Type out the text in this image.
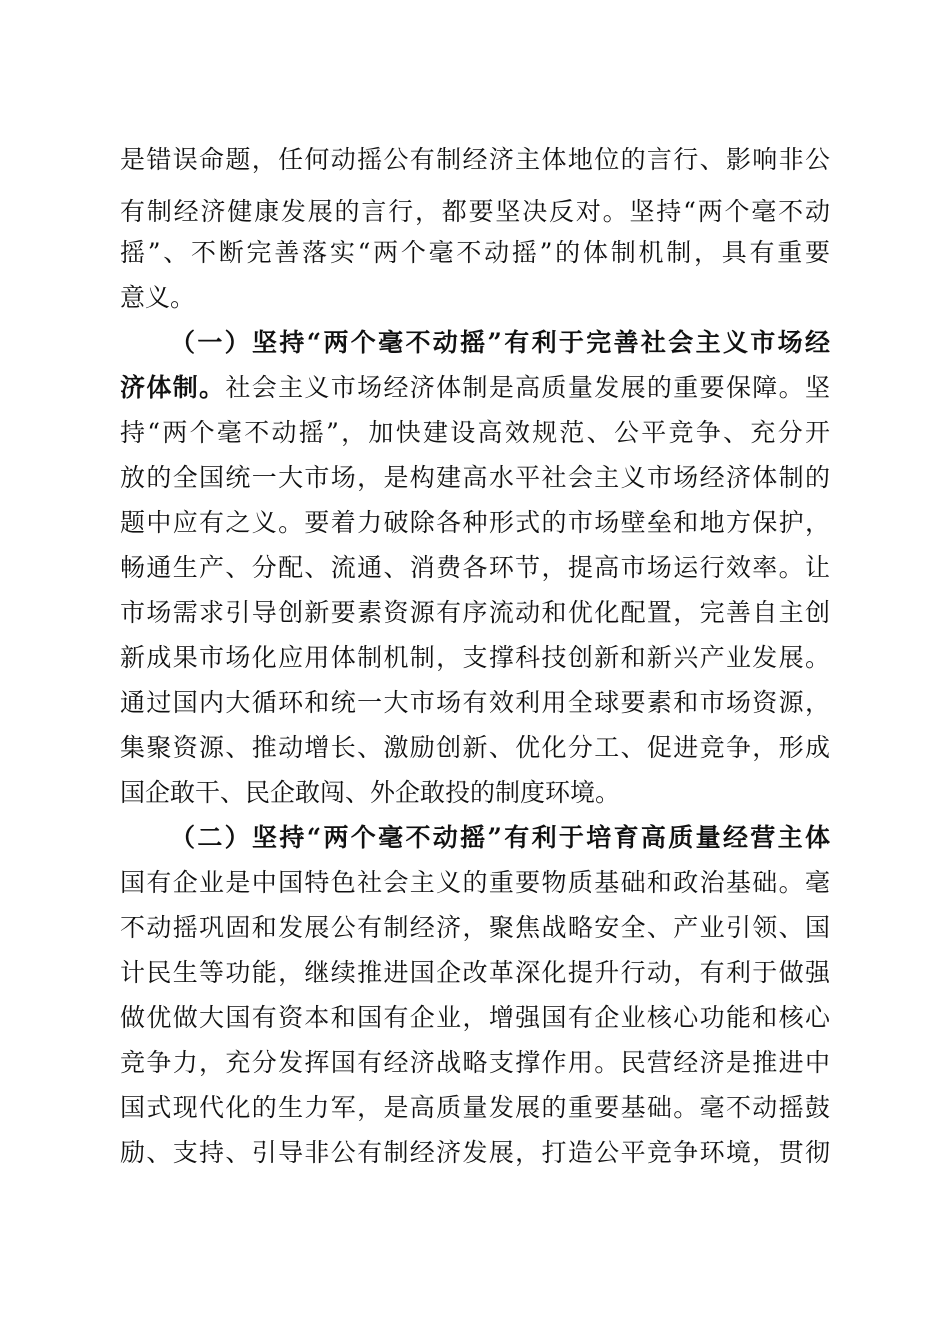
是错误命题，任何动摇公有制经济主体地位的言行、影响非公
有制经济健康发展的言行，都要坚决反对。坚持“两个毫不动
摇”、不断完善落实“两个毫不动摇”的体制机制，具有重要
意义。
（一）坚持“两个毫不动摇”有利于完善社会主义市场经
济体制。社会主义市场经济体制是高质量发展的重要保障。坚
持“两个毫不动摇”，加快建设高效规范、公平竞争、充分开
放的全国统一大市场，是构建高水平社会主义市场经济体制的
题中应有之义。要着力破除各种形式的市场壁垒和地方保护，
畅通生产、分配、流通、消费各环节，提高市场运行效率。让
市场需求引导创新要素资源有序流动和优化配置，完善自主创
新成果市场化应用体制机制，支撑科技创新和新兴产业发展。
通过国内大循环和统一大市场有效利用全球要素和市场资源，
集聚资源、推动增长、激励创新、优化分工、促进竞争，形成
国企敢干、民企敢闯、外企敢投的制度环境。
（二）坚持“两个毫不动摇”有利于培育高质量经营主体
国有企业是中国特色社会主义的重要物质基础和政治基础。毫
不动摇巩固和发展公有制经济，聚焦战略安全、产业引领、国
计民生等功能，继续推进国企改革深化提升行动，有利于做强
做优做大国有资本和国有企业，增强国有企业核心功能和核心
竞争力，充分发挥国有经济战略支撑作用。民营经济是推进中
国式现代化的生力军，是高质量发展的重要基础。毫不动摇鼓
励、支持、引导非公有制经济发展，打造公平竞争环境，贯彻
